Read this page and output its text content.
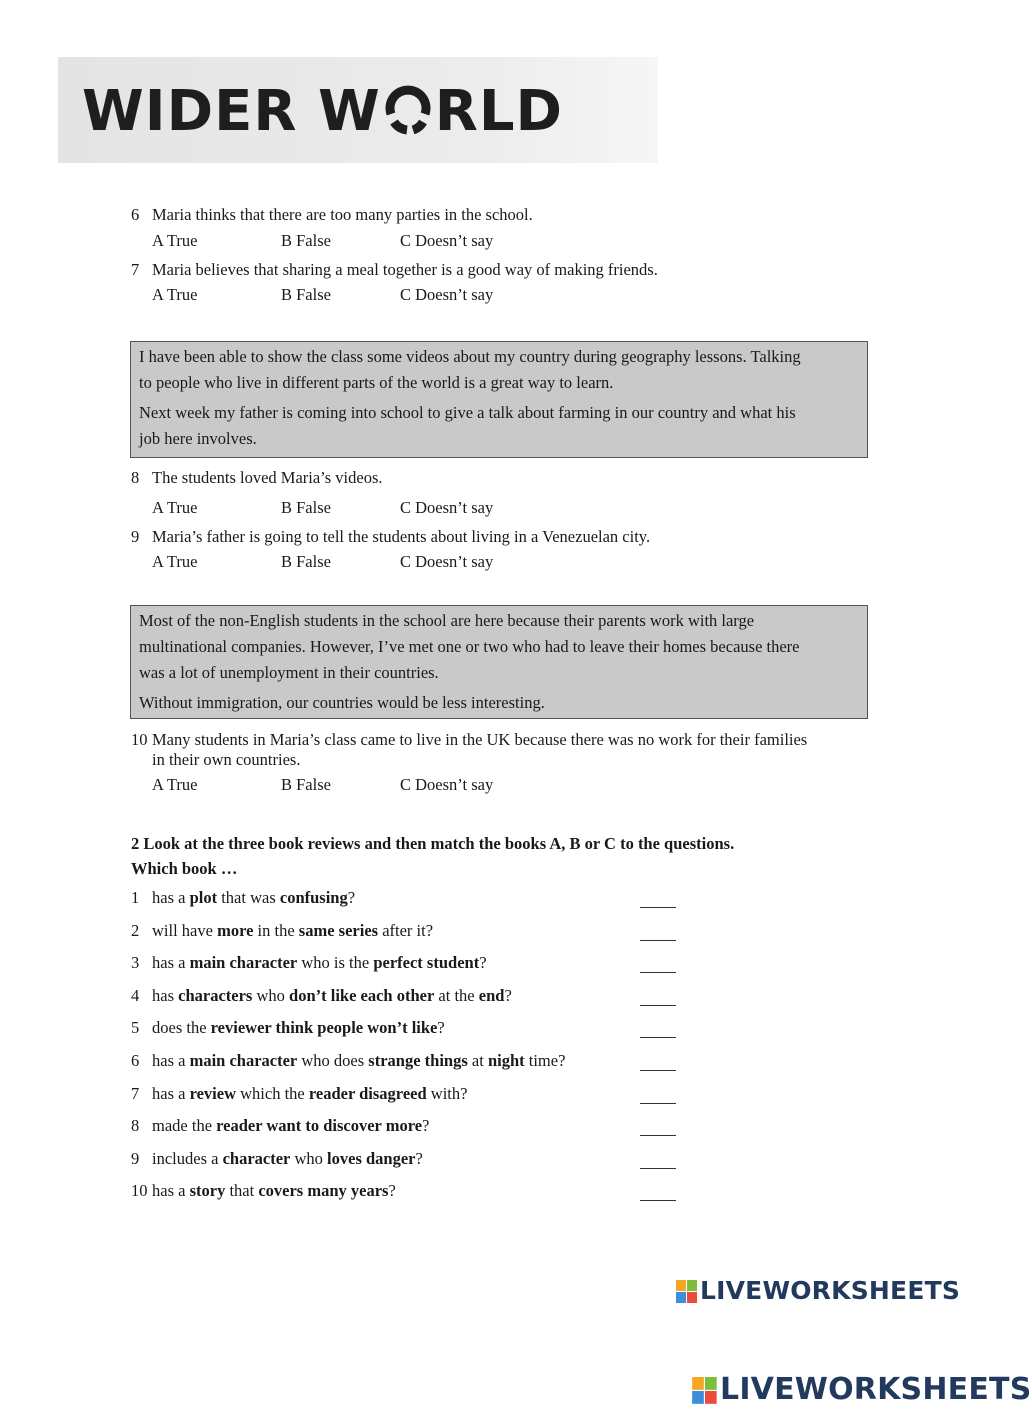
WIDER W RLD
6 Maria thinks that there are too many parties in the school.
A True	B False	C Doesn’t say
7 Maria believes that sharing a meal together is a good way of making friends.
A True	B False	C Doesn’t say

I have been able to show the class some videos about my country during geography lessons. Talking
to people who live in different parts of the world is a great way to learn.

Next week my father is coming into school to give a talk about farming in our country and what his
job here involves.

8 The students loved Maria’s videos.
A True	B False	C Doesn’t say
9 Maria’s father is going to tell the students about living in a Venezuelan city.
A True	B False	C Doesn’t say

Most of the non-English students in the school are here because their parents work with large
multinational companies. However, I’ve met one or two who had to leave their homes because there
was a lot of unemployment in their countries.

Without immigration, our countries would be less interesting.

10 Many students in Maria’s class came to live in the UK because there was no work for their families
in their own countries.
A True	B False	C Doesn’t say
2 Look at the three book reviews and then match the books A, B or C to the questions.
Which book …
1 has a plot that was confusing?
2 will have more in the same series after it?
3 has a main character who is the perfect student?
4 has characters who don’t like each other at the end?
5 does the reviewer think people won’t like?
6 has a main character who does strange things at night time?
7 has a review which the reader disagreed with?
8 made the reader want to discover more?
9 includes a character who loves danger?
10 has a story that covers many years?
LIVEWORKSHEETS
LIVEWORKSHEETS
